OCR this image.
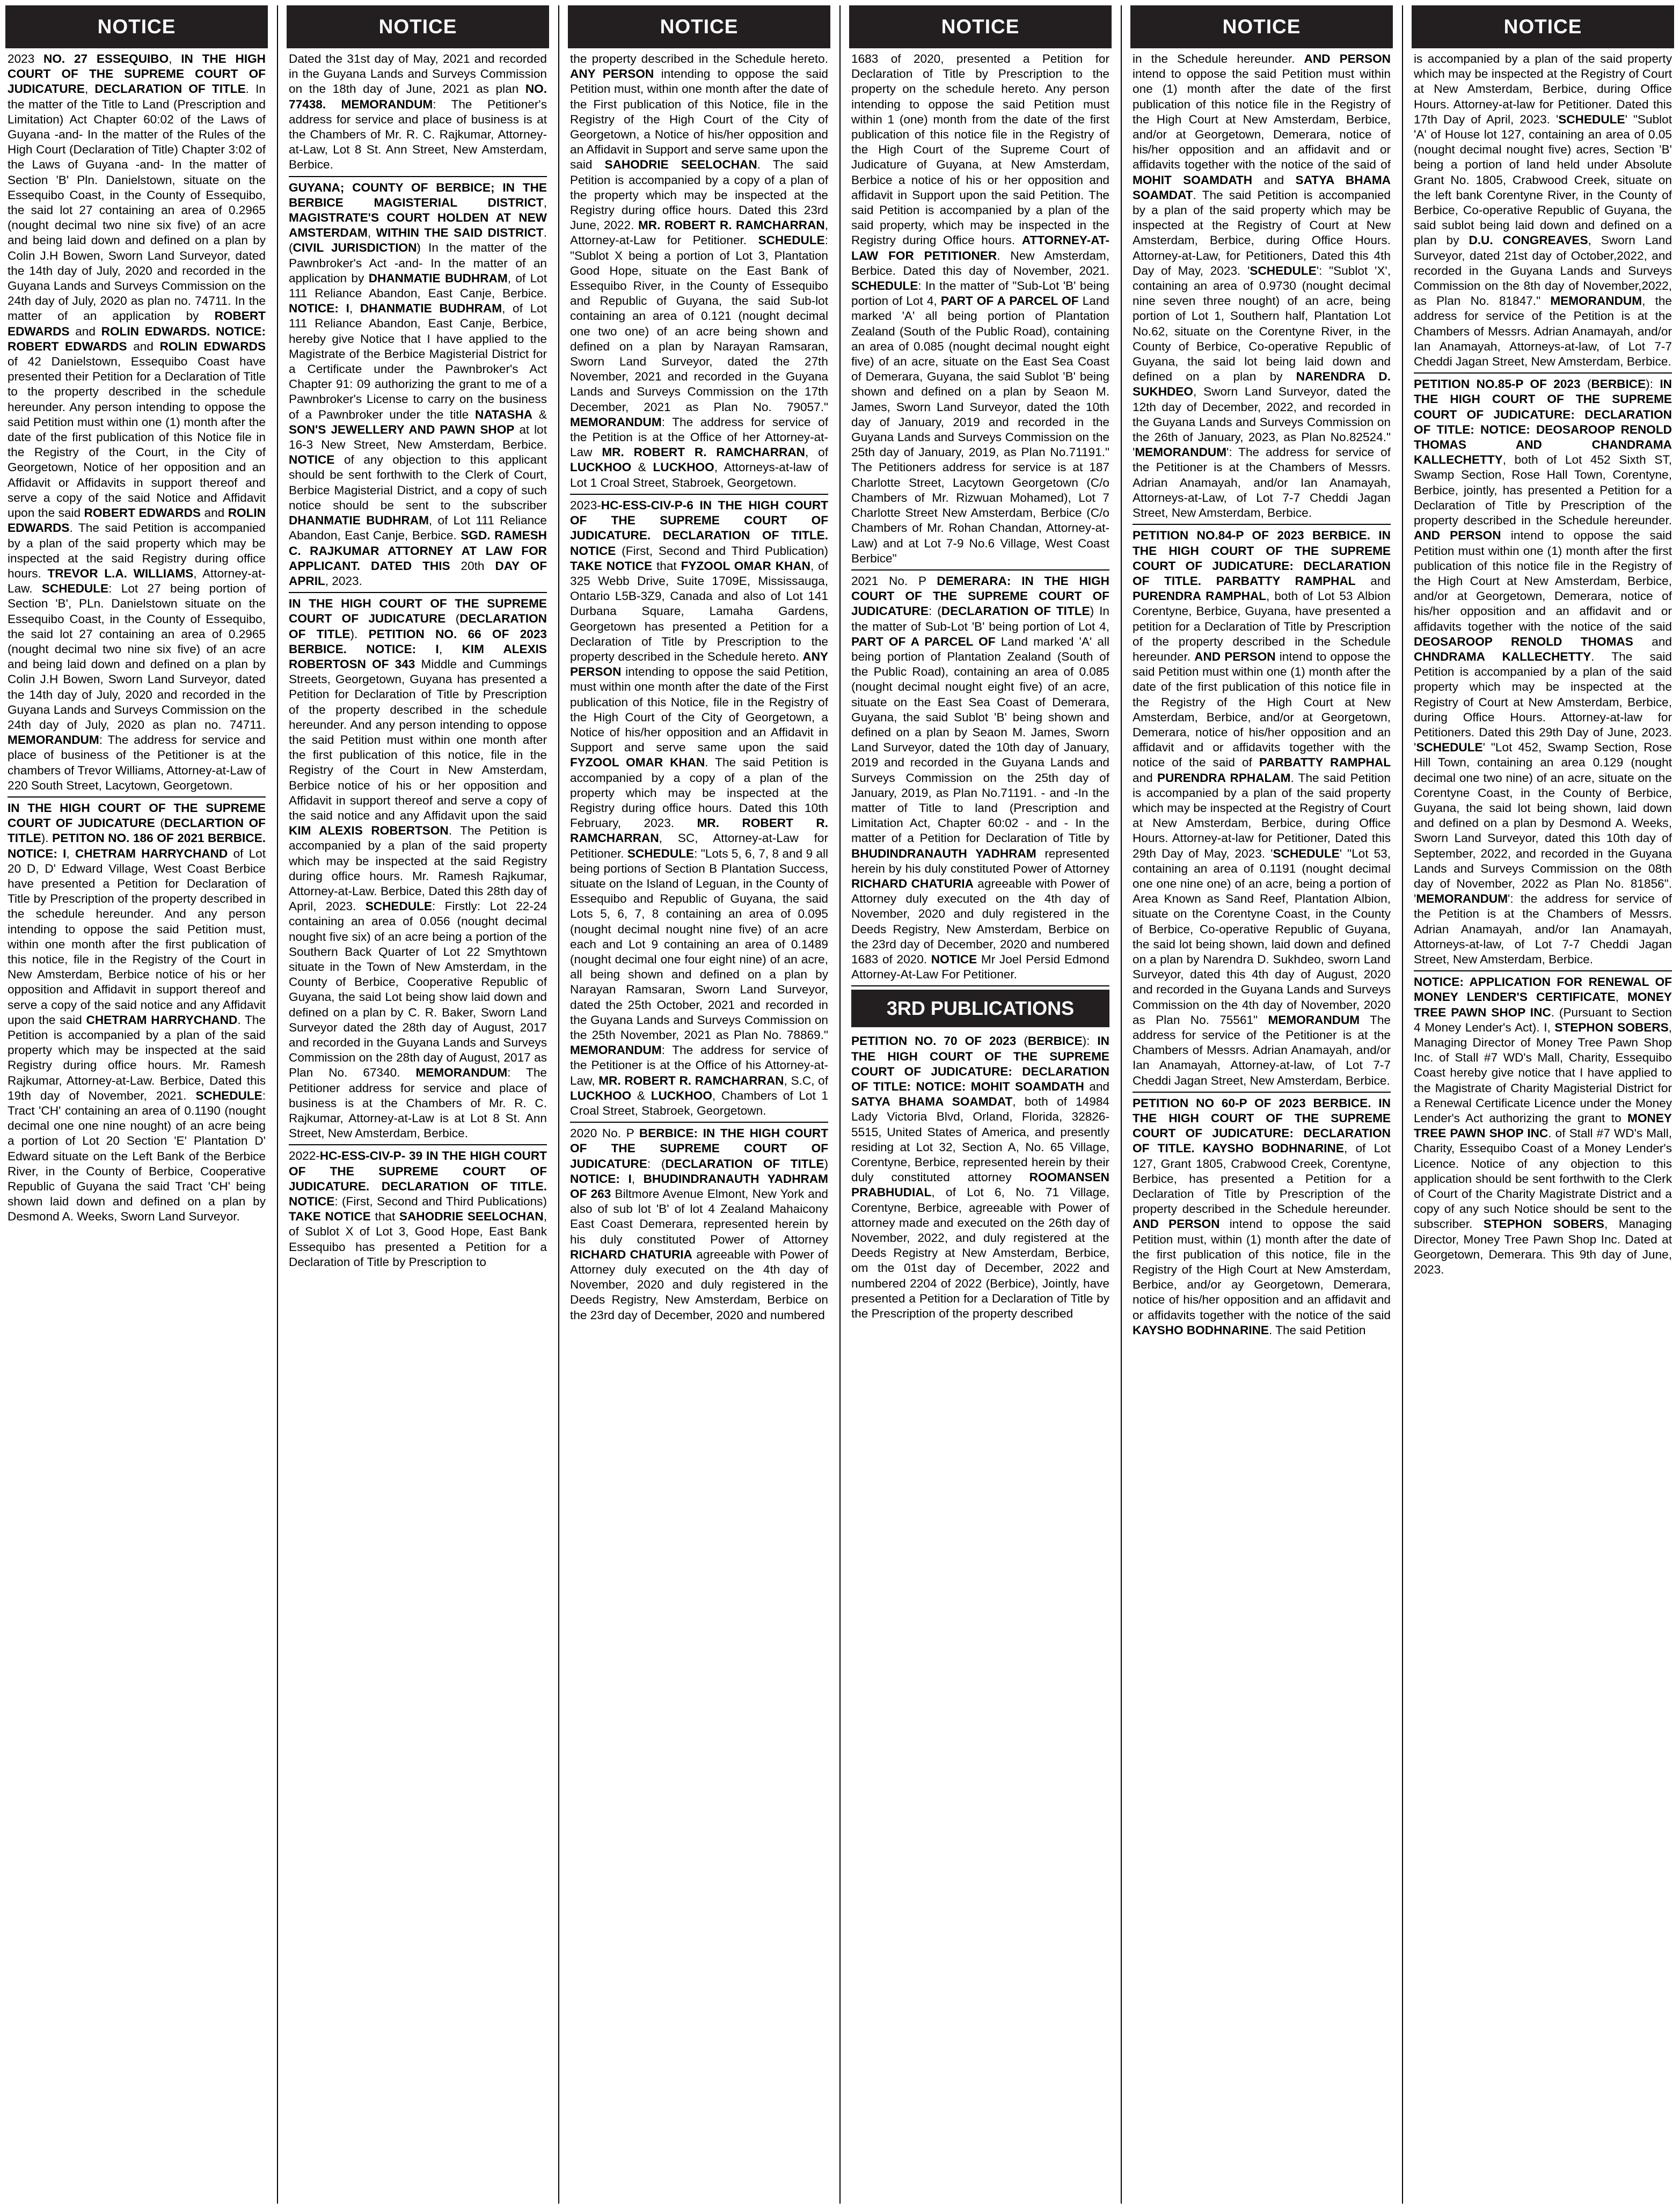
NOTICE

2023 NO. 27 ESSEQUIBO, IN THE HIGH COURT OF THE SUPREME COURT OF JUDICATURE, DECLARATION OF TITLE. In the matter of the Title to Land (Prescription and Limitation) Act Chapter 60:02 of the Laws of Guyana -and- In the matter of the Rules of the High Court (Declaration of Title) Chapter 3:02 of the Laws of Guyana -and- In the matter of Section 'B' Pln. Danielstown, situate on the Essequibo Coast, in the County of Essequibo, the said lot 27 containing an area of 0.2965 (nought decimal two nine six five) of an acre and being laid down and defined on a plan by Colin J.H Bowen, Sworn Land Surveyor, dated the 14th day of July, 2020 and recorded in the Guyana Lands and Surveys Commission on the 24th day of July, 2020 as plan no. 74711. In the matter of an application by ROBERT EDWARDS and ROLIN EDWARDS. NOTICE: ROBERT EDWARDS and ROLIN EDWARDS of 42 Danielstown, Essequibo Coast have presented their Petition for a Declaration of Title to the property described in the schedule hereunder. Any person intending to oppose the said Petition must within one (1) month after the date of the first publication of this Notice file in the Registry of the Court, in the City of Georgetown, Notice of her opposition and an Affidavit or Affidavits in support thereof and serve a copy of the said Notice and Affidavit upon the said ROBERT EDWARDS and ROLIN EDWARDS. The said Petition is accompanied by a plan of the said property which may be inspected at the said Registry during office hours. TREVOR L.A. WILLIAMS, Attorney-at-Law. SCHEDULE: Lot 27 being portion of Section 'B', PLn. Danielstown situate on the Essequibo Coast, in the County of Essequibo, the said lot 27 containing an area of 0.2965 (nought decimal two nine six five) of an acre and being laid down and defined on a plan by Colin J.H Bowen, Sworn Land Surveyor, dated the 14th day of July, 2020 and recorded in the Guyana Lands and Surveys Commission on the 24th day of July, 2020 as plan no. 74711. MEMORANDUM: The address for service and place of business of the Petitioner is at the chambers of Trevor Williams, Attorney-at-Law of 220 South Street, Lacytown, Georgetown.

IN THE HIGH COURT OF THE SUPREME COURT OF JUDICATURE (DECLARTION OF TITLE). PETITON NO. 186 OF 2021 BERBICE. NOTICE: I, CHETRAM HARRYCHAND of Lot 20 D, D' Edward Village, West Coast Berbice have presented a Petition for Declaration of Title by Prescription of the property described in the schedule hereunder. And any person intending to oppose the said Petition must, within one month after the first publication of this notice, file in the Registry of the Court in New Amsterdam, Berbice notice of his or her opposition and Affidavit in support thereof and serve a copy of the said notice and any Affidavit upon the said CHETRAM HARRYCHAND. The Petition is accompanied by a plan of the said property which may be inspected at the said Registry during office hours. Mr. Ramesh Rajkumar, Attorney-at-Law. Berbice, Dated this 19th day of November, 2021. SCHEDULE: Tract 'CH' containing an area of 0.1190 (nought decimal one one nine nought) of an acre being a portion of Lot 20 Section 'E' Plantation D' Edward situate on the Left Bank of the Berbice River, in the County of Berbice, Cooperative Republic of Guyana the said Tract 'CH' being shown laid down and defined on a plan by Desmond A. Weeks, Sworn Land Surveyor.

NOTICE

Dated the 31st day of May, 2021 and recorded in the Guyana Lands and Surveys Commission on the 18th day of June, 2021 as plan NO. 77438. MEMORANDUM: The Petitioner's address for service and place of business is at the Chambers of Mr. R. C. Rajkumar, Attorney-at-Law, Lot 8 St. Ann Street, New Amsterdam, Berbice.

GUYANA; COUNTY OF BERBICE; IN THE BERBICE MAGISTERIAL DISTRICT, MAGISTRATE'S COURT HOLDEN AT NEW AMSTERDAM, WITHIN THE SAID DISTRICT. (CIVIL JURISDICTION) In the matter of the Pawnbroker's Act -and- In the matter of an application by DHANMATIE BUDHRAM, of Lot 111 Reliance Abandon, East Canje, Berbice. NOTICE: I, DHANMATIE BUDHRAM, of Lot 111 Reliance Abandon, East Canje, Berbice, hereby give Notice that I have applied to the Magistrate of the Berbice Magisterial District for a Certificate under the Pawnbroker's Act Chapter 91: 09 authorizing the grant to me of a Pawnbroker's License to carry on the business of a Pawnbroker under the title NATASHA & SON'S JEWELLERY AND PAWN SHOP at lot 16-3 New Street, New Amsterdam, Berbice. NOTICE of any objection to this applicant should be sent forthwith to the Clerk of Court, Berbice Magisterial District, and a copy of such notice should be sent to the subscriber DHANMATIE BUDHRAM, of Lot 111 Reliance Abandon, East Canje, Berbice. SGD. RAMESH C. RAJKUMAR ATTORNEY AT LAW FOR APPLICANT. DATED THIS 20th DAY OF APRIL, 2023.

IN THE HIGH COURT OF THE SUPREME COURT OF JUDICATURE (DECLARATION OF TITLE). PETITION NO. 66 OF 2023 BERBICE. NOTICE: I, KIM ALEXIS ROBERTOSN OF 343 Middle and Cummings Streets, Georgetown, Guyana has presented a Petition for Declaration of Title by Prescription of the property described in the schedule hereunder. And any person intending to oppose the said Petition must within one month after the first publication of this notice, file in the Registry of the Court in New Amsterdam, Berbice notice of his or her opposition and Affidavit in support thereof and serve a copy of the said notice and any Affidavit upon the said KIM ALEXIS ROBERTSON. The Petition is accompanied by a plan of the said property which may be inspected at the said Registry during office hours. Mr. Ramesh Rajkumar, Attorney-at-Law. Berbice, Dated this 28th day of April, 2023. SCHEDULE: Firstly: Lot 22-24 containing an area of 0.056 (nought decimal nought five six) of an acre being a portion of the Southern Back Quarter of Lot 22 Smythtown situate in the Town of New Amsterdam, in the County of Berbice, Cooperative Republic of Guyana, the said Lot being show laid down and defined on a plan by C. R. Baker, Sworn Land Surveyor dated the 28th day of August, 2017 and recorded in the Guyana Lands and Surveys Commission on the 28th day of August, 2017 as Plan No. 67340. MEMORANDUM: The Petitioner address for service and place of business is at the Chambers of Mr. R. C. Rajkumar, Attorney-at-Law is at Lot 8 St. Ann Street, New Amsterdam, Berbice.

2022-HC-ESS-CIV-P- 39 IN THE HIGH COURT OF THE SUPREME COURT OF JUDICATURE. DECLARATION OF TITLE. NOTICE: (First, Second and Third Publications) TAKE NOTICE that SAHODRIE SEELOCHAN, of Sublot X of Lot 3, Good Hope, East Bank Essequibo has presented a Petition for a Declaration of Title by Prescription to

NOTICE

the property described in the Schedule hereto. ANY PERSON intending to oppose the said Petition must, within one month after the date of the First publication of this Notice, file in the Registry of the High Court of the City of Georgetown, a Notice of his/her opposition and an Affidavit in Support and serve same upon the said SAHODRIE SEELOCHAN. The said Petition is accompanied by a copy of a plan of the property which may be inspected at the Registry during office hours. Dated this 23rd June, 2022. MR. ROBERT R. RAMCHARRAN, Attorney-at-Law for Petitioner. SCHEDULE: "Sublot X being a portion of Lot 3, Plantation Good Hope, situate on the East Bank of Essequibo River, in the County of Essequibo and Republic of Guyana, the said Sub-lot containing an area of 0.121 (nought decimal one two one) of an acre being shown and defined on a plan by Narayan Ramsaran, Sworn Land Surveyor, dated the 27th November, 2021 and recorded in the Guyana Lands and Surveys Commission on the 17th December, 2021 as Plan No. 79057." MEMORANDUM: The address for service of the Petition is at the Office of her Attorney-at-Law MR. ROBERT R. RAMCHARRAN, of LUCKHOO & LUCKHOO, Attorneys-at-law of Lot 1 Croal Street, Stabroek, Georgetown.

2023-HC-ESS-CIV-P-6 IN THE HIGH COURT OF THE SUPREME COURT OF JUDICATURE. DECLARATION OF TITLE. NOTICE (First, Second and Third Publication) TAKE NOTICE that FYZOOL OMAR KHAN, of 325 Webb Drive, Suite 1709E, Mississauga, Ontario L5B-3Z9, Canada and also of Lot 141 Durbana Square, Lamaha Gardens, Georgetown has presented a Petition for a Declaration of Title by Prescription to the property described in the Schedule hereto. ANY PERSON intending to oppose the said Petition, must within one month after the date of the First publication of this Notice, file in the Registry of the High Court of the City of Georgetown, a Notice of his/her opposition and an Affidavit in Support and serve same upon the said FYZOOL OMAR KHAN. The said Petition is accompanied by a copy of a plan of the property which may be inspected at the Registry during office hours. Dated this 10th February, 2023. MR. ROBERT R. RAMCHARRAN, SC, Attorney-at-Law for Petitioner. SCHEDULE: "Lots 5, 6, 7, 8 and 9 all being portions of Section B Plantation Success, situate on the Island of Leguan, in the County of Essequibo and Republic of Guyana, the said Lots 5, 6, 7, 8 containing an area of 0.095 (nought decimal nought nine five) of an acre each and Lot 9 containing an area of 0.1489 (nought decimal one four eight nine) of an acre, all being shown and defined on a plan by Narayan Ramsaran, Sworn Land Surveyor, dated the 25th October, 2021 and recorded in the Guyana Lands and Surveys Commission on the 25th November, 2021 as Plan No. 78869." MEMORANDUM: The address for service of the Petitioner is at the Office of his Attorney-at-Law, MR. ROBERT R. RAMCHARRAN, S.C, of LUCKHOO & LUCKHOO, Chambers of Lot 1 Croal Street, Stabroek, Georgetown.

2020 No. P BERBICE: IN THE HIGH COURT OF THE SUPREME COURT OF JUDICATURE: (DECLARATION OF TITLE) NOTICE: I, BHUDINDRANAUTH YADHRAM OF 263 Biltmore Avenue Elmont, New York and also of sub lot 'B' of lot 4 Zealand Mahaicony East Coast Demerara, represented herein by his duly constituted Power of Attorney RICHARD CHATURIA agreeable with Power of Attorney duly executed on the 4th day of November, 2020 and duly registered in the Deeds Registry, New Amsterdam, Berbice on the 23rd day of December, 2020 and numbered

NOTICE

1683 of 2020, presented a Petition for Declaration of Title by Prescription to the property on the schedule hereto. Any person intending to oppose the said Petition must within 1 (one) month from the date of the first publication of this notice file in the Registry of the High Court of the Supreme Court of Judicature of Guyana, at New Amsterdam, Berbice a notice of his or her opposition and affidavit in Support upon the said Petition. The said Petition is accompanied by a plan of the said property, which may be inspected in the Registry during Office hours. ATTORNEY-AT-LAW FOR PETITIONER. New Amsterdam, Berbice. Dated this day of November, 2021. SCHEDULE: In the matter of "Sub-Lot 'B' being portion of Lot 4, PART OF A PARCEL OF Land marked 'A' all being portion of Plantation Zealand (South of the Public Road), containing an area of 0.085 (nought decimal nought eight five) of an acre, situate on the East Sea Coast of Demerara, Guyana, the said Sublot 'B' being shown and defined on a plan by Seaon M. James, Sworn Land Surveyor, dated the 10th day of January, 2019 and recorded in the Guyana Lands and Surveys Commission on the 25th day of January, 2019, as Plan No.71191." The Petitioners address for service is at 187 Charlotte Street, Lacytown Georgetown (C/o Chambers of Mr. Rizwuan Mohamed), Lot 7 Charlotte Street New Amsterdam, Berbice (C/o Chambers of Mr. Rohan Chandan, Attorney-at-Law) and at Lot 7-9 No.6 Village, West Coast Berbice"

2021 No. P DEMERARA: IN THE HIGH COURT OF THE SUPREME COURT OF JUDICATURE: (DECLARATION OF TITLE) In the matter of Sub-Lot 'B' being portion of Lot 4, PART OF A PARCEL OF Land marked 'A' all being portion of Plantation Zealand (South of the Public Road), containing an area of 0.085 (nought decimal nought eight five) of an acre, situate on the East Sea Coast of Demerara, Guyana, the said Sublot 'B' being shown and defined on a plan by Seaon M. James, Sworn Land Surveyor, dated the 10th day of January, 2019 and recorded in the Guyana Lands and Surveys Commission on the 25th day of January, 2019, as Plan No.71191. - and -In the matter of Title to land (Prescription and Limitation Act, Chapter 60:02 - and - In the matter of a Petition for Declaration of Title by BHUDINDRANAUTH YADHRAM represented herein by his duly constituted Power of Attorney RICHARD CHATURIA agreeable with Power of Attorney duly executed on the 4th day of November, 2020 and duly registered in the Deeds Registry, New Amsterdam, Berbice on the 23rd day of December, 2020 and numbered 1683 of 2020. NOTICE Mr Joel Persid Edmond Attorney-At-Law For Petitioner.

3RD PUBLICATIONS

PETITION NO. 70 OF 2023 (BERBICE): IN THE HIGH COURT OF THE SUPREME COURT OF JUDICATURE: DECLARATION OF TITLE: NOTICE: MOHIT SOAMDATH and SATYA BHAMA SOAMDAT, both of 14984 Lady Victoria Blvd, Orland, Florida, 32826-5515, United States of America, and presently residing at Lot 32, Section A, No. 65 Village, Corentyne, Berbice, represented herein by their duly constituted attorney ROOMANSEN PRABHUDIAL, of Lot 6, No. 71 Village, Corentyne, Berbice, agreeable with Power of attorney made and executed on the 26th day of November, 2022, and duly registered at the Deeds Registry at New Amsterdam, Berbice, om the 01st day of December, 2022 and numbered 2204 of 2022 (Berbice), Jointly, have presented a Petition for a Declaration of Title by the Prescription of the property described

NOTICE

in the Schedule hereunder. AND PERSON intend to oppose the said Petition must within one (1) month after the date of the first publication of this notice file in the Registry of the High Court at New Amsterdam, Berbice, and/or at Georgetown, Demerara, notice of his/her opposition and an affidavit and or affidavits together with the notice of the said of MOHIT SOAMDATH and SATYA BHAMA SOAMDAT. The said Petition is accompanied by a plan of the said property which may be inspected at the Registry of Court at New Amsterdam, Berbice, during Office Hours. Attorney-at-Law, for Petitioners, Dated this 4th Day of May, 2023. 'SCHEDULE': "Sublot 'X', containing an area of 0.9730 (nought decimal nine seven three nought) of an acre, being portion of Lot 1, Southern half, Plantation Lot No.62, situate on the Corentyne River, in the County of Berbice, Co-operative Republic of Guyana, the said lot being laid down and defined on a plan by NARENDRA D. SUKHDEO, Sworn Land Surveyor, dated the 12th day of December, 2022, and recorded in the Guyana Lands and Surveys Commission on the 26th of January, 2023, as Plan No.82524." 'MEMORANDUM': The address for service of the Petitioner is at the Chambers of Messrs. Adrian Anamayah, and/or Ian Anamayah, Attorneys-at-Law, of Lot 7-7 Cheddi Jagan Street, New Amsterdam, Berbice.

PETITION NO.84-P OF 2023 BERBICE. IN THE HIGH COURT OF THE SUPREME COURT OF JUDICATURE: DECLARATION OF TITLE. PARBATTY RAMPHAL and PURENDRA RAMPHAL, both of Lot 53 Albion Corentyne, Berbice, Guyana, have presented a petition for a Declaration of Title by Prescription of the property described in the Schedule hereunder. AND PERSON intend to oppose the said Petition must within one (1) month after the date of the first publication of this notice file in the Registry of the High Court at New Amsterdam, Berbice, and/or at Georgetown, Demerara, notice of his/her opposition and an affidavit and or affidavits together with the notice of the said of PARBATTY RAMPHAL and PURENDRA RPHALAM. The said Petition is accompanied by a plan of the said property which may be inspected at the Registry of Court at New Amsterdam, Berbice, during Office Hours. Attorney-at-law for Petitioner, Dated this 29th Day of May, 2023. 'SCHEDULE' "Lot 53, containing an area of 0.1191 (nought decimal one one nine one) of an acre, being a portion of Area Known as Sand Reef, Plantation Albion, situate on the Corentyne Coast, in the County of Berbice, Co-operative Republic of Guyana, the said lot being shown, laid down and defined on a plan by Narendra D. Sukhdeo, sworn Land Surveyor, dated this 4th day of August, 2020 and recorded in the Guyana Lands and Surveys Commission on the 4th day of November, 2020 as Plan No. 75561" MEMORANDUM The address for service of the Petitioner is at the Chambers of Messrs. Adrian Anamayah, and/or Ian Anamayah, Attorney-at-law, of Lot 7-7 Cheddi Jagan Street, New Amsterdam, Berbice.

PETITION NO 60-P OF 2023 BERBICE. IN THE HIGH COURT OF THE SUPREME COURT OF JUDICATURE: DECLARATION OF TITLE. KAYSHO BODHNARINE, of Lot 127, Grant 1805, Crabwood Creek, Corentyne, Berbice, has presented a Petition for a Declaration of Title by Prescription of the property described in the Schedule hereunder. AND PERSON intend to oppose the said Petition must, within (1) month after the date of the first publication of this notice, file in the Registry of the High Court at New Amsterdam, Berbice, and/or ay Georgetown, Demerara, notice of his/her opposition and an affidavit and or affidavits together with the notice of the said KAYSHO BODHNARINE. The said Petition

NOTICE

is accompanied by a plan of the said property which may be inspected at the Registry of Court at New Amsterdam, Berbice, during Office Hours. Attorney-at-law for Petitioner. Dated this 17th Day of April, 2023. 'SCHEDULE' "Sublot 'A' of House lot 127, containing an area of 0.05 (nought decimal nought five) acres, Section 'B' being a portion of land held under Absolute Grant No. 1805, Crabwood Creek, situate on the left bank Corentyne River, in the County of Berbice, Co-operative Republic of Guyana, the said sublot being laid down and defined on a plan by D.U. CONGREAVES, Sworn Land Surveyor, dated 21st day of October,2022, and recorded in the Guyana Lands and Surveys Commission on the 8th day of November,2022, as Plan No. 81847." MEMORANDUM, the address for service of the Petition is at the Chambers of Messrs. Adrian Anamayah, and/or Ian Anamayah, Attorneys-at-law, of Lot 7-7 Cheddi Jagan Street, New Amsterdam, Berbice.

PETITION NO.85-P OF 2023 (BERBICE): IN THE HIGH COURT OF THE SUPREME COURT OF JUDICATURE: DECLARATION OF TITLE: NOTICE: DEOSAROOP RENOLD THOMAS AND CHANDRAMA KALLECHETTY, both of Lot 452 Sixth ST, Swamp Section, Rose Hall Town, Corentyne, Berbice, jointly, has presented a Petition for a Declaration of Title by Prescription of the property described in the Schedule hereunder. AND PERSON intend to oppose the said Petition must within one (1) month after the first publication of this notice file in the Registry of the High Court at New Amsterdam, Berbice, and/or at Georgetown, Demerara, notice of his/her opposition and an affidavit and or affidavits together with the notice of the said DEOSAROOP RENOLD THOMAS and CHNDRAMA KALLECHETTY. The said Petition is accompanied by a plan of the said property which may be inspected at the Registry of Court at New Amsterdam, Berbice, during Office Hours. Attorney-at-law for Petitioners. Dated this 29th Day of June, 2023. 'SCHEDULE' "Lot 452, Swamp Section, Rose Hill Town, containing an area 0.129 (nought decimal one two nine) of an acre, situate on the Corentyne Coast, in the County of Berbice, Guyana, the said lot being shown, laid down and defined on a plan by Desmond A. Weeks, Sworn Land Surveyor, dated this 10th day of September, 2022, and recorded in the Guyana Lands and Surveys Commission on the 08th day of November, 2022 as Plan No. 81856". 'MEMORANDUM': the address for service of the Petition is at the Chambers of Messrs. Adrian Anamayah, and/or Ian Anamayah, Attorneys-at-law, of Lot 7-7 Cheddi Jagan Street, New Amsterdam, Berbice.

NOTICE: APPLICATION FOR RENEWAL OF MONEY LENDER'S CERTIFICATE, MONEY TREE PAWN SHOP INC. (Pursuant to Section 4 Money Lender's Act). I, STEPHON SOBERS, Managing Director of Money Tree Pawn Shop Inc. of Stall #7 WD's Mall, Charity, Essequibo Coast hereby give notice that I have applied to the Magistrate of Charity Magisterial District for a Renewal Certificate Licence under the Money Lender's Act authorizing the grant to MONEY TREE PAWN SHOP INC. of Stall #7 WD's Mall, Charity, Essequibo Coast of a Money Lender's Licence. Notice of any objection to this application should be sent forthwith to the Clerk of Court of the Charity Magistrate District and a copy of any such Notice should be sent to the subscriber. STEPHON SOBERS, Managing Director, Money Tree Pawn Shop Inc. Dated at Georgetown, Demerara. This 9th day of June, 2023.
